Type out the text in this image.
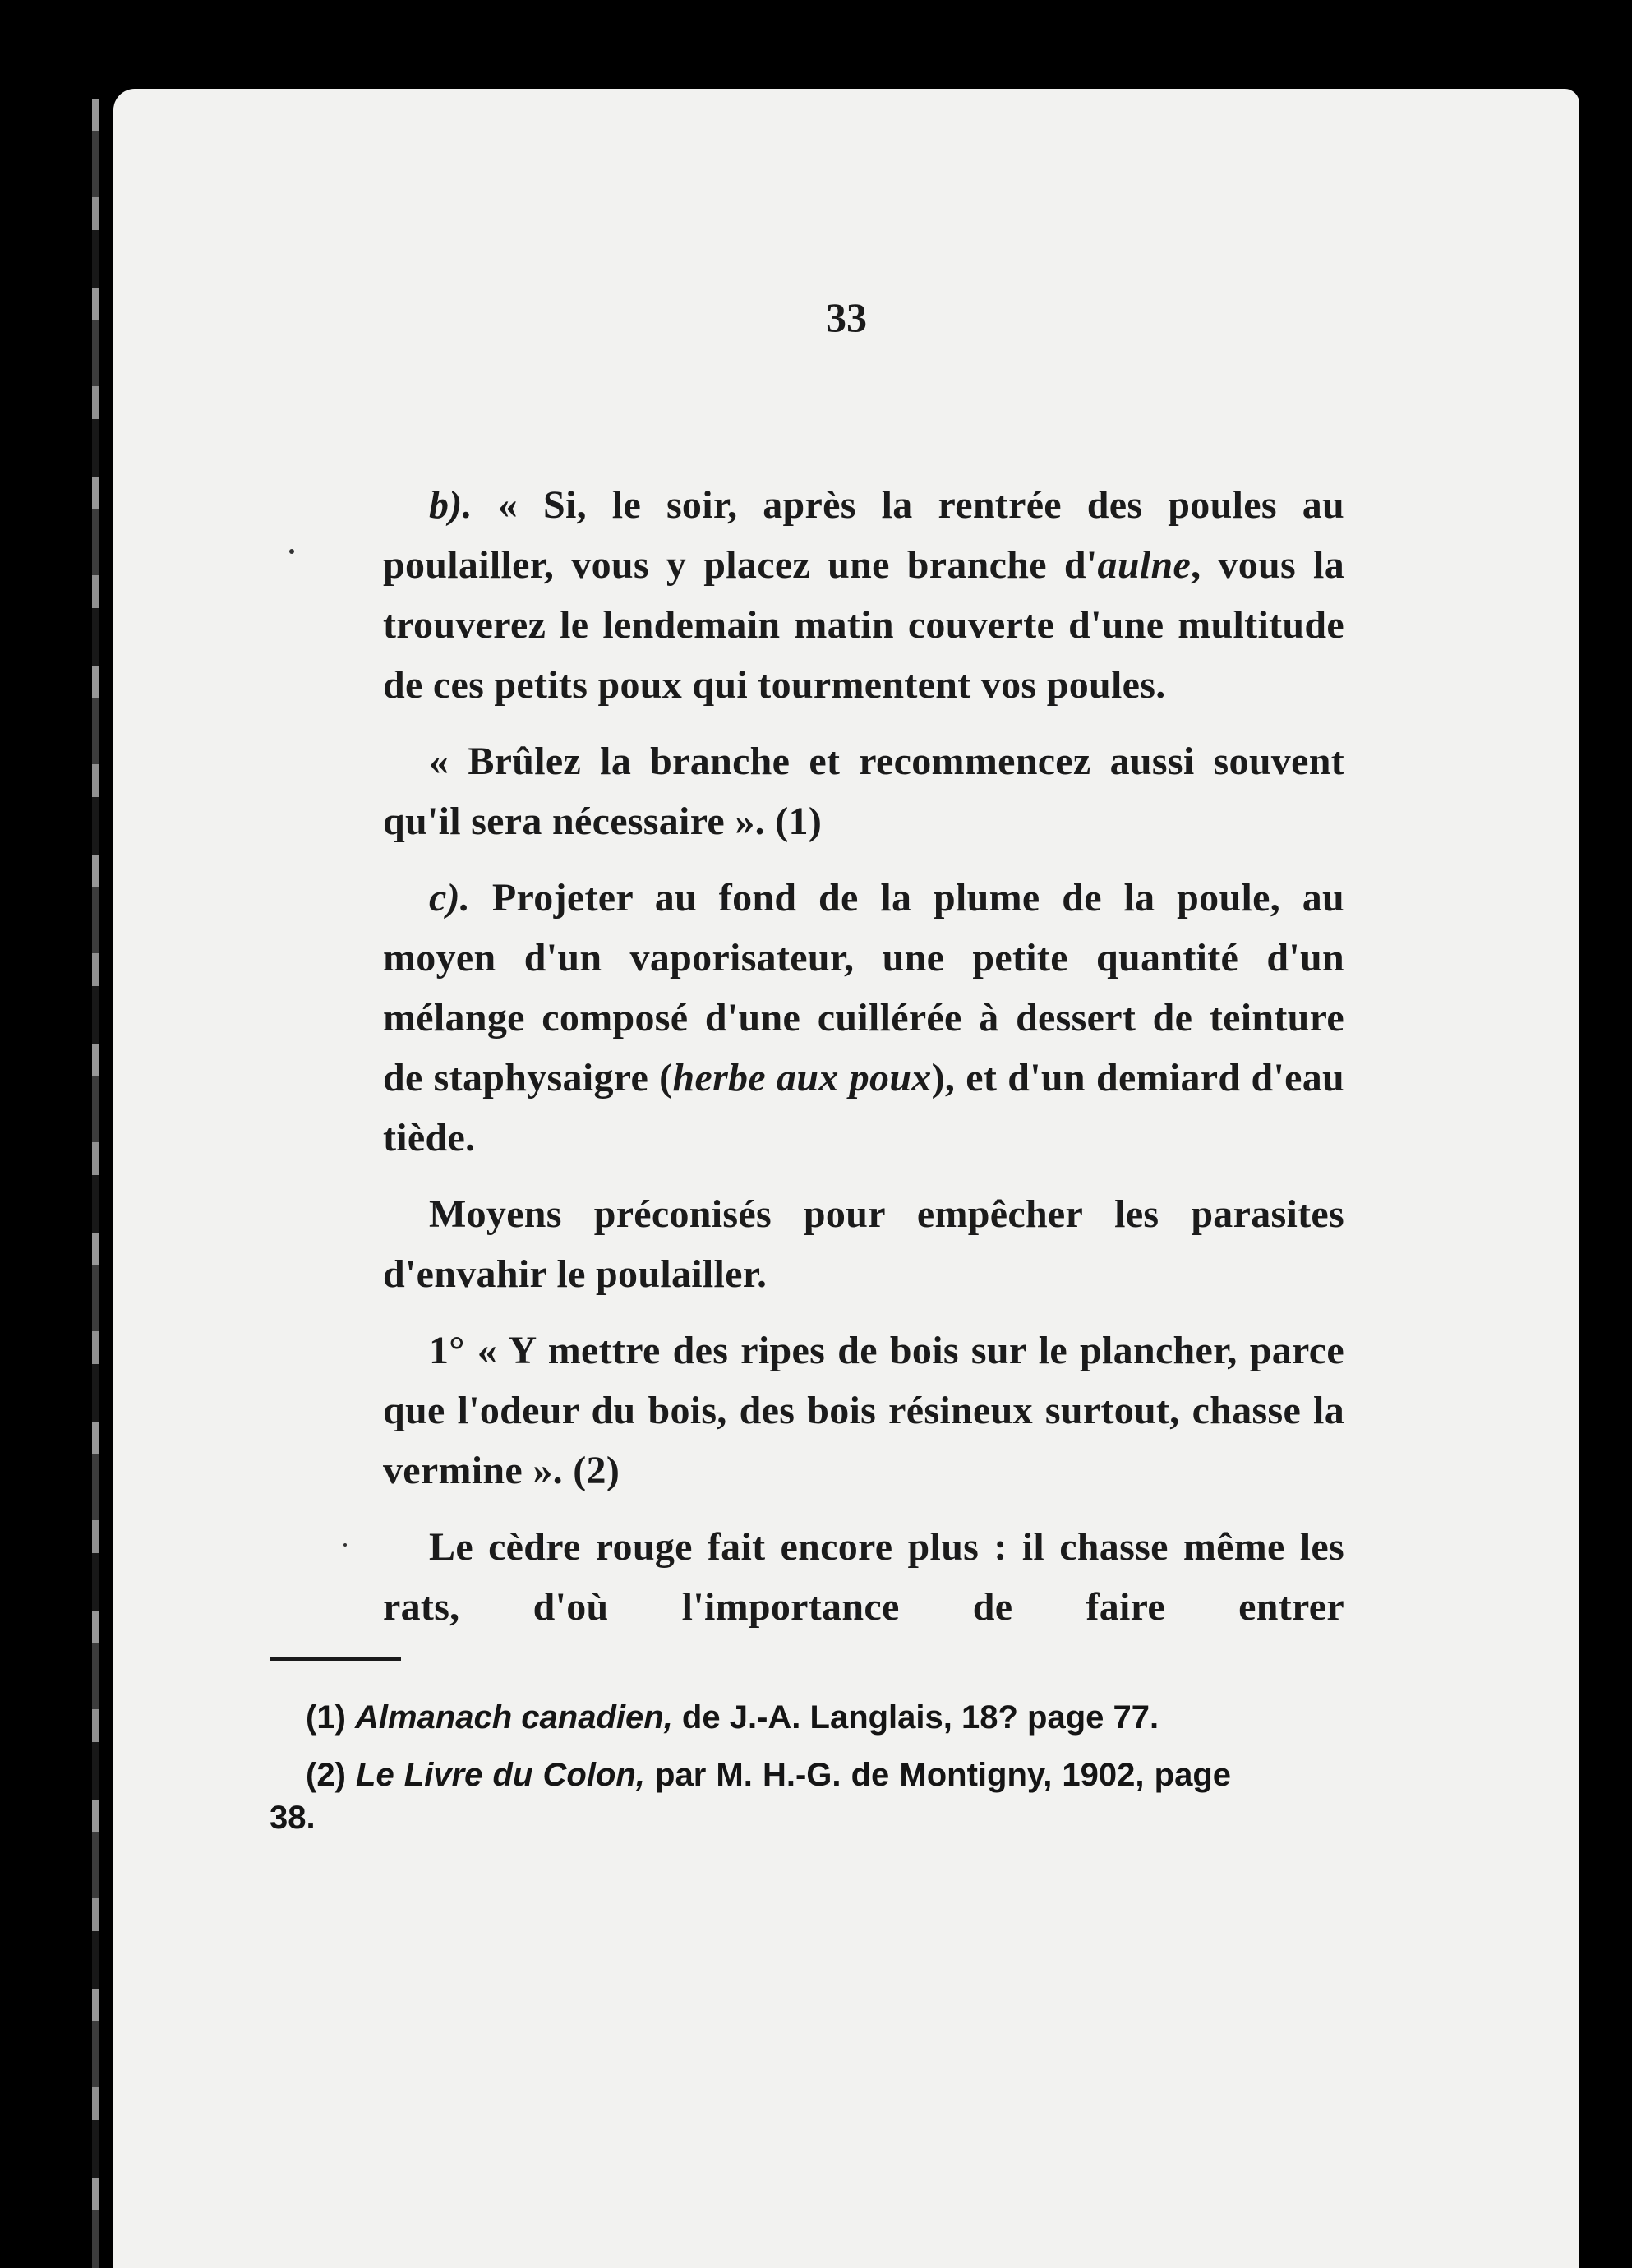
33

b). « Si, le soir, après la rentrée des poules au poulailler, vous y placez une branche d'aulne, vous la trouverez le lendemain matin couverte d'une multitude de ces petits poux qui tourmentent vos poules.

« Brûlez la branche et recommencez aussi souvent qu'il sera nécessaire ». (1)

c). Projeter au fond de la plume de la poule, au moyen d'un vaporisateur, une petite quantité d'un mélange composé d'une cuillérée à dessert de teinture de staphysaigre (herbe aux poux), et d'un demiard d'eau tiède.

Moyens préconisés pour empêcher les parasites d'envahir le poulailler.

1° « Y mettre des ripes de bois sur le plancher, parce que l'odeur du bois, des bois résineux surtout, chasse la vermine ». (2)

Le cèdre rouge fait encore plus : il chasse même les rats, d'où l'importance de faire entrer

(1) Almanach canadien, de J.-A. Langlais, 18? page 77.

(2) Le Livre du Colon, par M. H.-G. de Montigny, 1902, page 38.
